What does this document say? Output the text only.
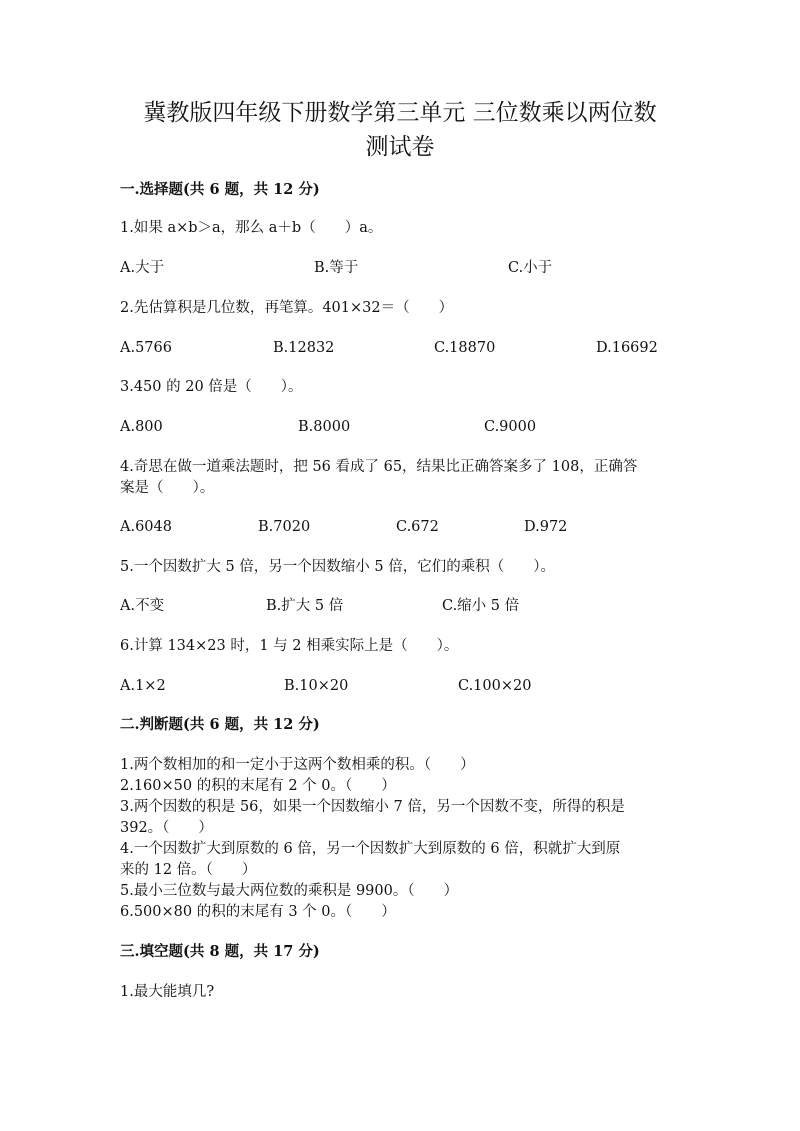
冀教版四年级下册数学第三单元 三位数乘以两位数
测试卷
一.选择题(共 6 题，共 12 分)
1.如果 a×b＞a，那么 a＋b（　　）a。
A.大于	B.等于	C.小于
2.先估算积是几位数，再笔算。401×32＝（　　）
A.5766	B.12832	C.18870	D.16692
3.450 的 20 倍是（　　）。
A.800	B.8000	C.9000
4.奇思在做一道乘法题时，把 56 看成了 65，结果比正确答案多了 108，正确答
案是（　　）。
A.6048	B.7020	C.672	D.972
5.一个因数扩大 5 倍，另一个因数缩小 5 倍，它们的乘积（　　）。
A.不变	B.扩大 5 倍	C.缩小 5 倍
6.计算 134×23 时，1 与 2 相乘实际上是（　　）。
A.1×2	B.10×20	C.100×20
二.判断题(共 6 题，共 12 分)
1.两个数相加的和一定小于这两个数相乘的积。（　　）
2.160×50 的积的末尾有 2 个 0。（　　）
3.两个因数的积是 56，如果一个因数缩小 7 倍，另一个因数不变，所得的积是
392。（　　）
4.一个因数扩大到原数的 6 倍，另一个因数扩大到原数的 6 倍，积就扩大到原
来的 12 倍。（　　）
5.最小三位数与最大两位数的乘积是 9900。（　　）
6.500×80 的积的末尾有 3 个 0。（　　）
三.填空题(共 8 题，共 17 分)
1.最大能填几?
